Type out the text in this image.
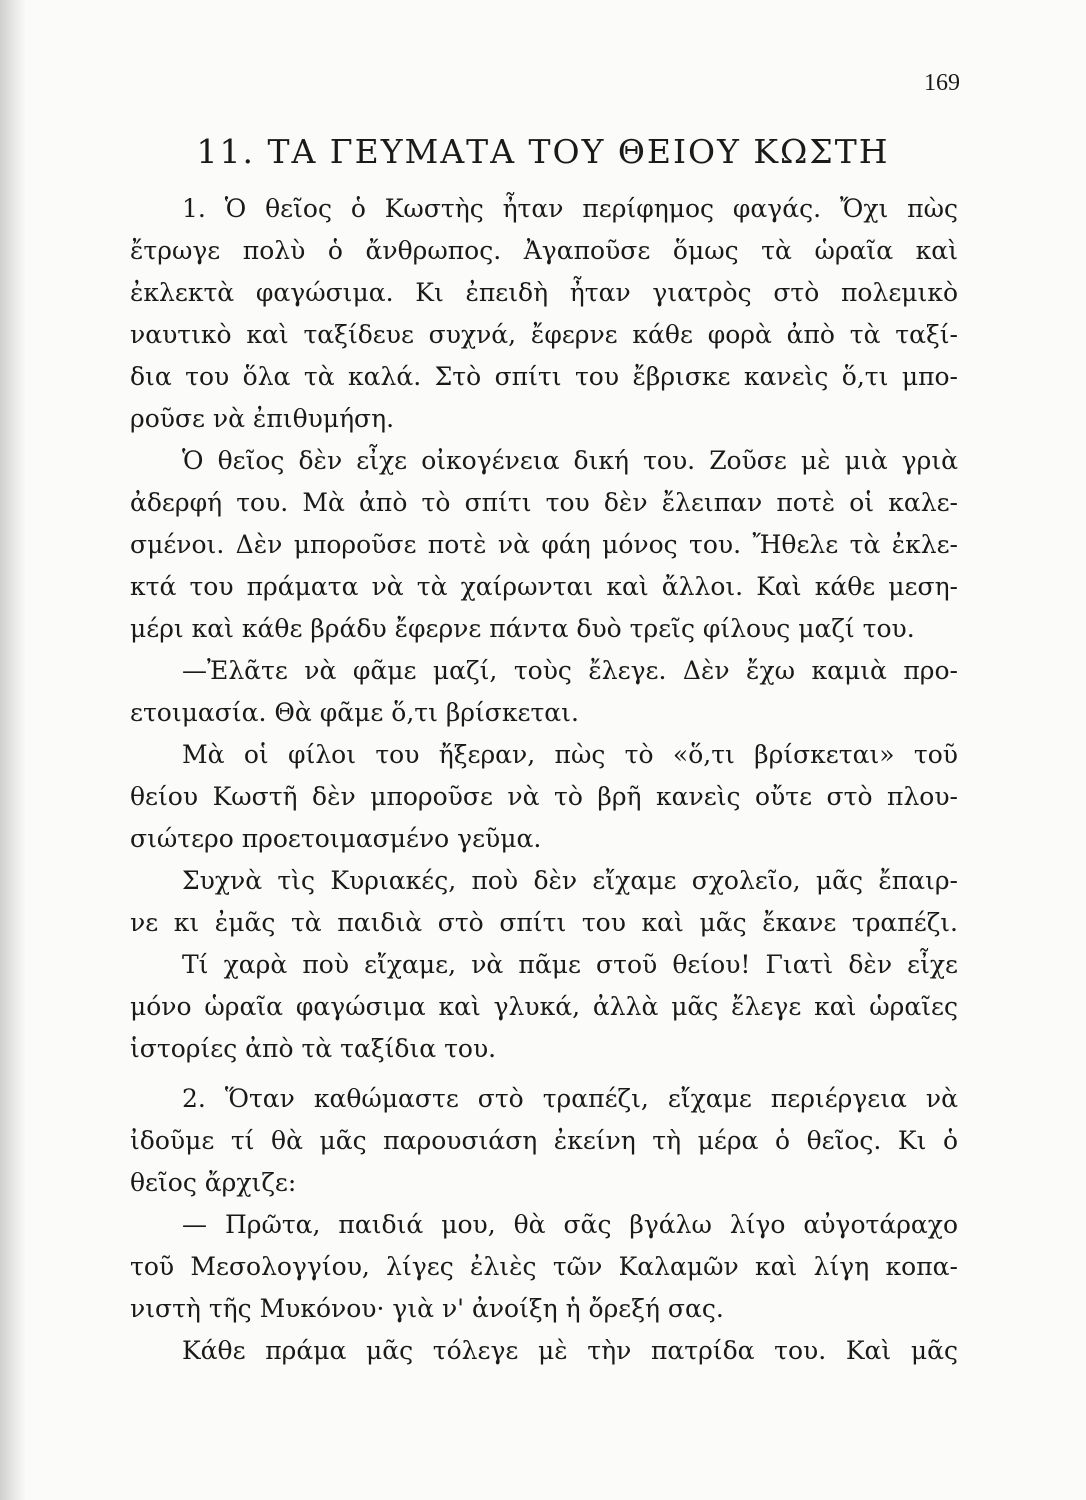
169
11. ΤΑ ΓΕΥΜΑΤΑ ΤΟΥ ΘΕΙΟΥ ΚΩΣΤΗ
1. Ὁ θεῖος ὁ Κωστὴς ἦταν περίφημος φαγάς. Ὄχι πὼς
ἔτρωγε πολὺ ὁ ἄνθρωπος. Ἀγαποῦσε ὅμως τὰ ὡραῖα καὶ
ἐκλεκτὰ φαγώσιμα. Κι ἐπειδὴ ἦταν γιατρὸς στὸ πολεμικὸ
ναυτικὸ καὶ ταξίδευε συχνά, ἔφερνε κάθε φορὰ ἀπὸ τὰ ταξί-
δια του ὅλα τὰ καλά. Στὸ σπίτι του ἔβρισκε κανεὶς ὅ,τι μπο-
ροῦσε νὰ ἐπιθυμήση.
Ὁ θεῖος δὲν εἶχε οἰκογένεια δική του. Ζοῦσε μὲ μιὰ γριὰ
ἀδερφή του. Μὰ ἀπὸ τὸ σπίτι του δὲν ἔλειπαν ποτὲ οἱ καλε-
σμένοι. Δὲν μποροῦσε ποτὲ νὰ φάη μόνος του. Ἤθελε τὰ ἐκλε-
κτά του πράματα νὰ τὰ χαίρωνται καὶ ἄλλοι. Καὶ κάθε μεση-
μέρι καὶ κάθε βράδυ ἔφερνε πάντα δυὸ τρεῖς φίλους μαζί του.
—Ἐλᾶτε νὰ φᾶμε μαζί, τοὺς ἔλεγε. Δὲν ἔχω καμιὰ προ-
ετοιμασία. Θὰ φᾶμε ὅ,τι βρίσκεται.
Μὰ οἱ φίλοι του ἤξεραν, πὼς τὸ «ὅ,τι βρίσκεται» τοῦ
θείου Κωστῆ δὲν μποροῦσε νὰ τὸ βρῆ κανεὶς οὔτε στὸ πλου-
σιώτερο προετοιμασμένο γεῦμα.
Συχνὰ τὶς Κυριακές, ποὺ δὲν εἴχαμε σχολεῖο, μᾶς ἔπαιρ-
νε κι ἐμᾶς τὰ παιδιὰ στὸ σπίτι του καὶ μᾶς ἔκανε τραπέζι.
Τί χαρὰ ποὺ εἴχαμε, νὰ πᾶμε στοῦ θείου! Γιατὶ δὲν εἶχε
μόνο ὡραῖα φαγώσιμα καὶ γλυκά, ἀλλὰ μᾶς ἔλεγε καὶ ὡραῖες
ἱστορίες ἀπὸ τὰ ταξίδια του.
2. Ὅταν καθώμαστε στὸ τραπέζι, εἴχαμε περιέργεια νὰ
ἰδοῦμε τί θὰ μᾶς παρουσιάση ἐκείνη τὴ μέρα ὁ θεῖος. Κι ὁ
θεῖος ἄρχιζε:
— Πρῶτα, παιδιά μου, θὰ σᾶς βγάλω λίγο αὐγοτάραχο
τοῦ Μεσολογγίου, λίγες ἐλιὲς τῶν Καλαμῶν καὶ λίγη κοπα-
νιστὴ τῆς Μυκόνου· γιὰ ν' ἀνοίξη ἡ ὄρεξή σας.
Κάθε πράμα μᾶς τόλεγε μὲ τὴν πατρίδα του. Καὶ μᾶς
